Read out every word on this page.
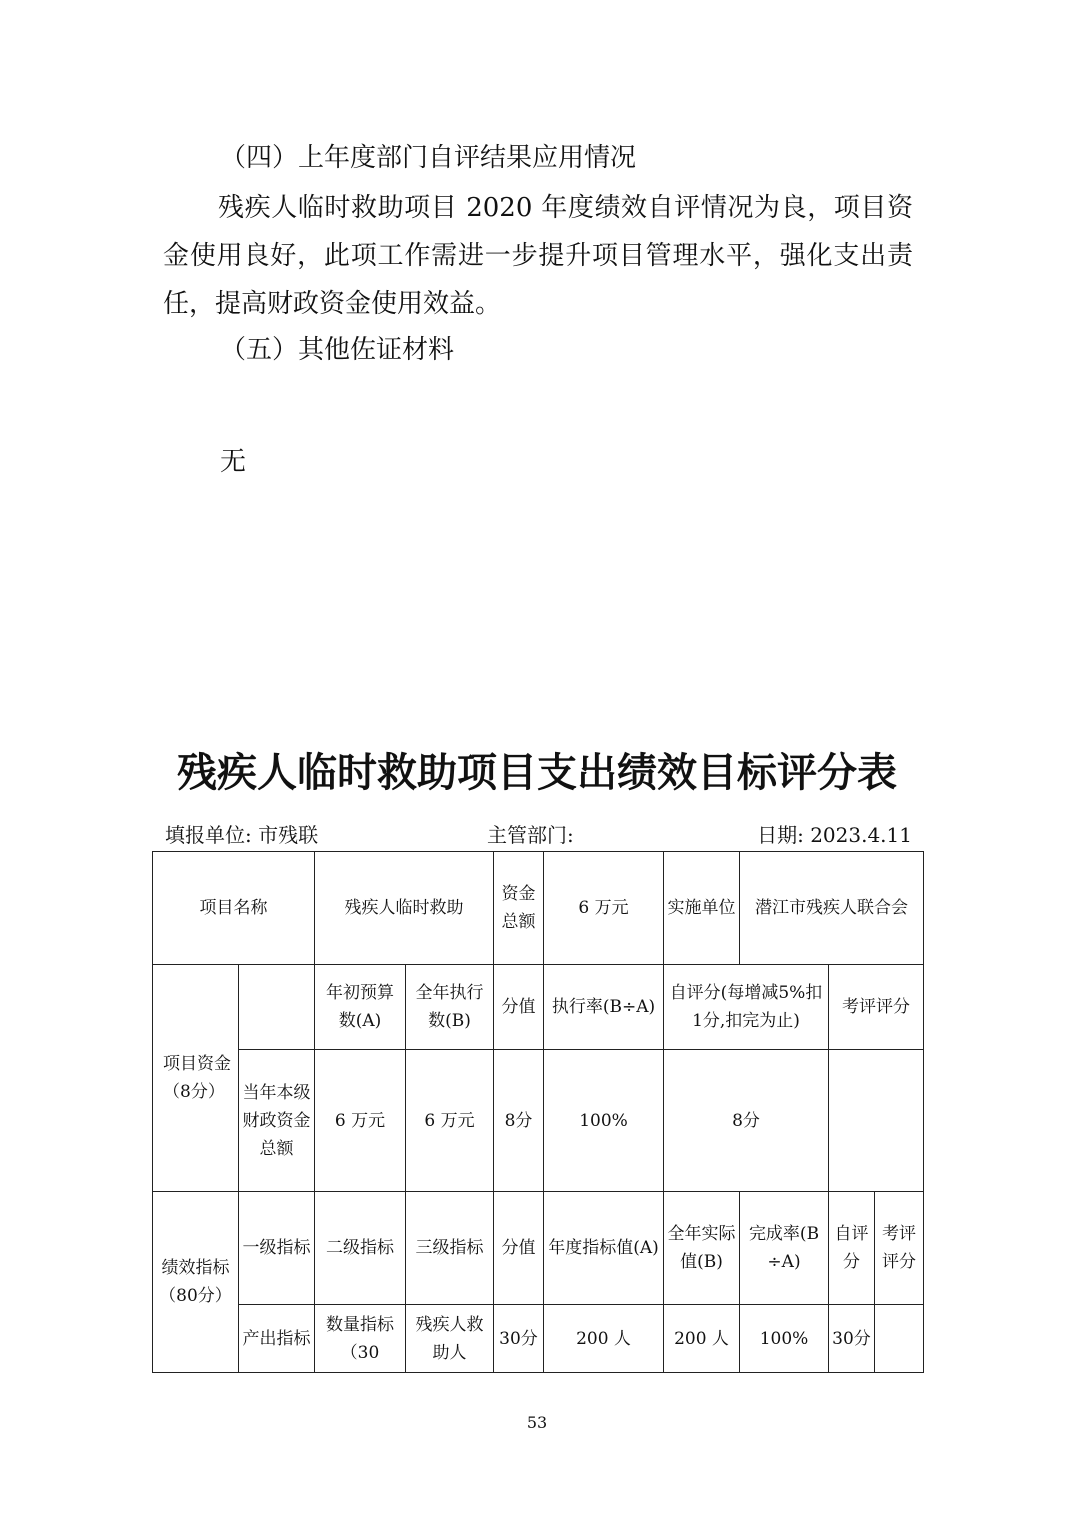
（四）上年度部门自评结果应用情况

残疾人临时救助项目 2020 年度绩效自评情况为良，项目资

金使用良好，此项工作需进一步提升项目管理水平，强化支出责

任，提高财政资金使用效益。

（五）其他佐证材料

无

残疾人临时救助项目支出绩效目标评分表
填报单位: 市残联	主管部门:	日期: 2023.4.11
项目名称		残疾人临时救助		资金总额	6 万元	实施单位	潜江市残疾人联合会		
项目资金（8分）		年初预算数(A)	全年执行数(B)	分值	执行率(B÷A)	自评分(每增减5%扣1分,扣完为止)		考评评分	
	当年本级财政资金总额	6 万元	6 万元	8分	100%	8分			
绩效指标（80分）	一级指标	二级指标	三级指标	分值	年度指标值(A)	全年实际值(B)	完成率(B÷A)	自评分	考评评分
	产出指标	数量指标（30	残疾人救助人	30分	200 人	200 人	100%	30分	
53
